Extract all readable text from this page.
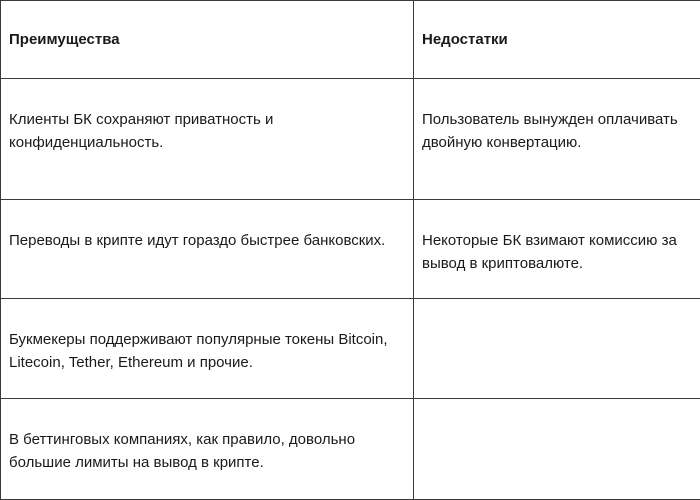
Преимущества	Недостатки

Клиенты БК сохраняют приватность и конфиденциальность.	Пользователь вынужден оплачивать двойную конвертацию.

Переводы в крипте идут гораздо быстрее банковских.	Некоторые БК взимают комиссию за вывод в криптовалюте.

Букмекеры поддерживают популярные токены Bitcoin, Litecoin, Tether, Ethereum и прочие.	

В беттинговых компаниях, как правило, довольно большие лимиты на вывод в крипте.	
